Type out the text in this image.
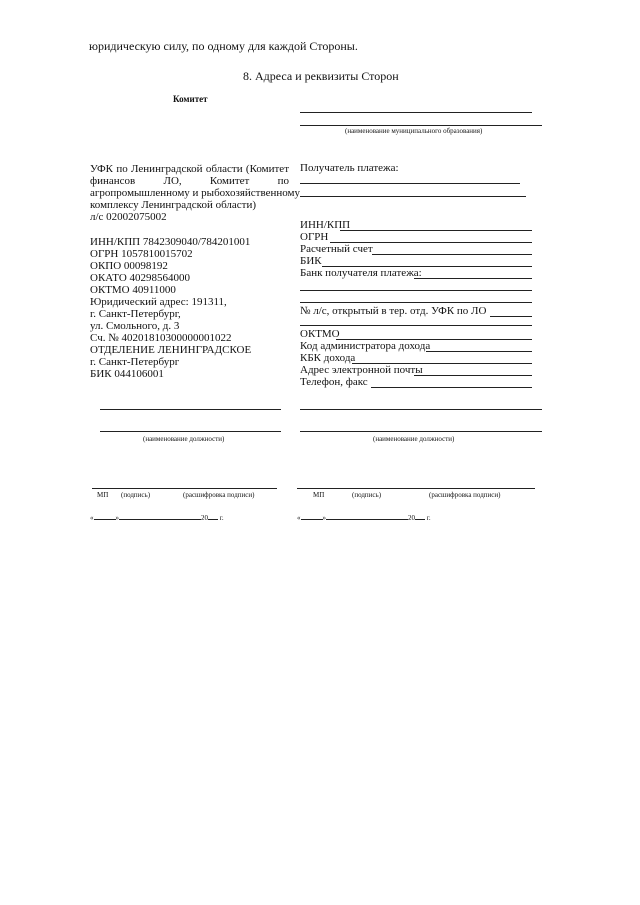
юридическую силу, по одному для каждой Стороны.
8. Адреса и реквизиты Сторон
Комитет
УФК по Ленинградской области (Комитет
финансов ЛО, Комитет по
агропромышленному и рыбохозяйственному
комплексу Ленинградской области)
л/с 02002075002
ИНН/КПП 7842309040/784201001
ОГРН 1057810015702
ОКПО 00098192
ОКАТО 40298564000
ОКТМО 40911000
Юридический адрес: 191311,
г. Санкт-Петербург,
ул. Смольного, д. 3
Сч. № 40201810300000001022
ОТДЕЛЕНИЕ ЛЕНИНГРАДСКОЕ
г. Санкт-Петербург
БИК 044106001
(наименование должности)
МП (подпись)	(расшифровка подписи)
«	»	20 г.
(наименование муниципального образования)
Получатель платежа:
ИНН/КПП
ОГРН
Расчетный счет
БИК
Банк получателя платежа:
№ л/с, открытый в тер. отд. УФК по ЛО
ОКТМО
Код администратора дохода
КБК дохода
Адрес электронной почты
Телефон, факс
(наименование должности)
МП	(подпись)	(расшифровка подписи)
«	»	20 г.
